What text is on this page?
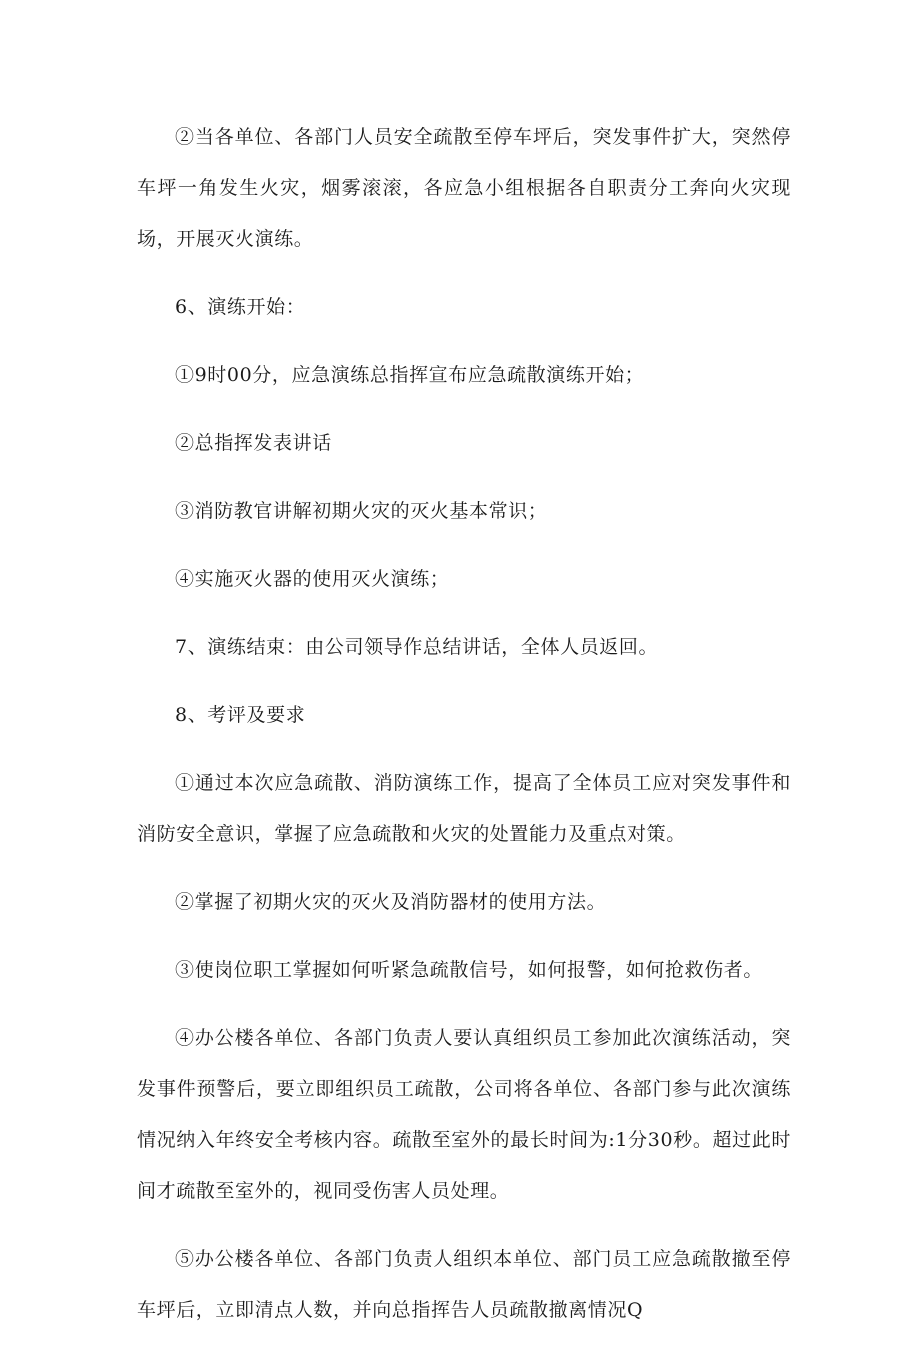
②当各单位、各部门人员安全疏散至停车坪后，突发事件扩大，突然停车坪一角发生火灾，烟雾滚滚，各应急小组根据各自职责分工奔向火灾现场，开展灭火演练。

6、演练开始：

①9时00分，应急演练总指挥宣布应急疏散演练开始；

②总指挥发表讲话

③消防教官讲解初期火灾的灭火基本常识；

④实施灭火器的使用灭火演练；

7、演练结束：由公司领导作总结讲话，全体人员返回。

8、考评及要求

①通过本次应急疏散、消防演练工作，提高了全体员工应对突发事件和消防安全意识，掌握了应急疏散和火灾的处置能力及重点对策。

②掌握了初期火灾的灭火及消防器材的使用方法。

③使岗位职工掌握如何听紧急疏散信号，如何报警，如何抢救伤者。

④办公楼各单位、各部门负责人要认真组织员工参加此次演练活动，突发事件预警后，要立即组织员工疏散，公司将各单位、各部门参与此次演练情况纳入年终安全考核内容。疏散至室外的最长时间为:1分30秒。超过此时间才疏散至室外的，视同受伤害人员处理。

⑤办公楼各单位、各部门负责人组织本单位、部门员工应急疏散撤至停车坪后，立即清点人数，并向总指挥告人员疏散撤离情况Q
